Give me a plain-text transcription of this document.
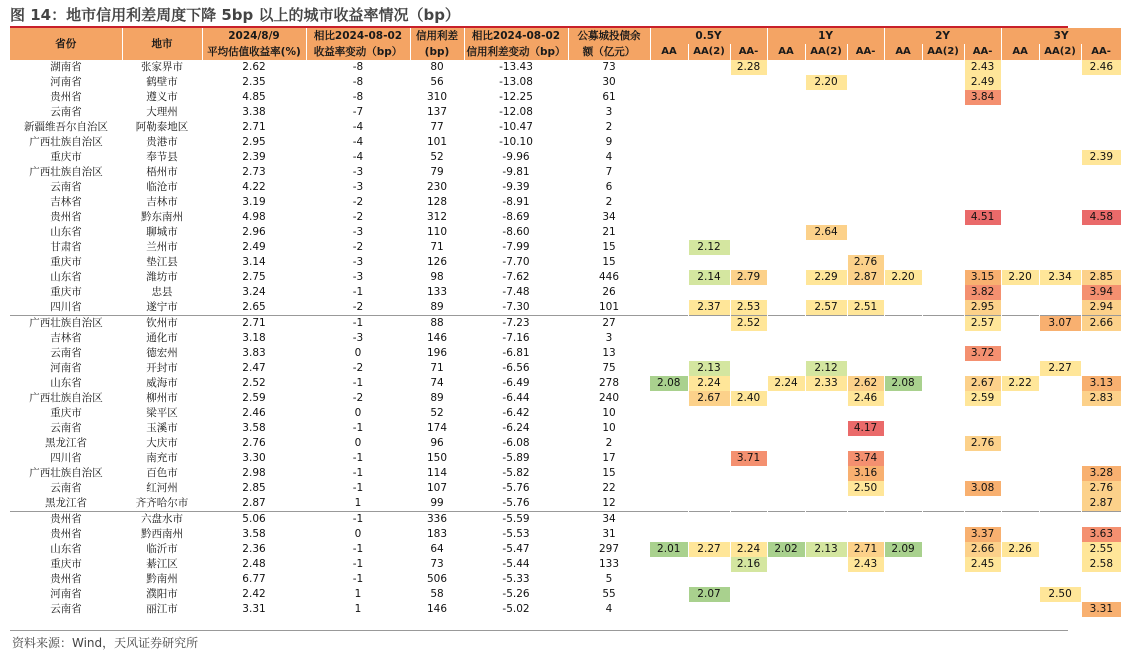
图 14：地市信用利差周度下降 5bp 以上的城市收益率情况（bp）
省份	地市	2024/8/9	相比2024-08-02	信用利差	相比2024-08-02	公募城投债余	0.5Y			1Y			2Y			3Y		
		平均估值收益率(%)	收益率变动（bp）	(bp)	信用利差变动（bp）	额（亿元）	AA	AA(2)	AA-	AA	AA(2)	AA-	AA	AA(2)	AA-	AA	AA(2)	AA-
湖南省	张家界市	2.62	-8	80	-13.43	73			2.28						2.43			2.46
河南省	鹤壁市	2.35	-8	56	-13.08	30					2.20				2.49			
贵州省	遵义市	4.85	-8	310	-12.25	61									3.84			
云南省	大理州	3.38	-7	137	-12.08	3												
新疆维吾尔自治区	阿勒泰地区	2.71	-4	77	-10.47	2												
广西壮族自治区	贵港市	2.95	-4	101	-10.10	9												
重庆市	奉节县	2.39	-4	52	-9.96	4												2.39
广西壮族自治区	梧州市	2.73	-3	79	-9.81	7												
云南省	临沧市	4.22	-3	230	-9.39	6												
吉林省	吉林市	3.19	-2	128	-8.91	2												
贵州省	黔东南州	4.98	-2	312	-8.69	34									4.51			4.58
山东省	聊城市	2.96	-3	110	-8.60	21					2.64							
甘肃省	兰州市	2.49	-2	71	-7.99	15		2.12										
重庆市	垫江县	3.14	-3	126	-7.70	15						2.76						
山东省	潍坊市	2.75	-3	98	-7.62	446		2.14	2.79		2.29	2.87	2.20		3.15	2.20	2.34	2.85
重庆市	忠县	3.24	-1	133	-7.48	26									3.82			3.94
四川省	遂宁市	2.65	-2	89	-7.30	101		2.37	2.53		2.57	2.51			2.95			2.94
广西壮族自治区	钦州市	2.71	-1	88	-7.23	27			2.52						2.57		3.07	2.66
吉林省	通化市	3.18	-3	146	-7.16	3												
云南省	德宏州	3.83	0	196	-6.81	13									3.72			
河南省	开封市	2.47	-2	71	-6.56	75		2.13			2.12						2.27	
山东省	威海市	2.52	-1	74	-6.49	278	2.08	2.24		2.24	2.33	2.62	2.08		2.67	2.22		3.13
广西壮族自治区	柳州市	2.59	-2	89	-6.44	240		2.67	2.40			2.46			2.59			2.83
重庆市	梁平区	2.46	0	52	-6.42	10												
云南省	玉溪市	3.58	-1	174	-6.24	10						4.17						
黑龙江省	大庆市	2.76	0	96	-6.08	2									2.76			
四川省	南充市	3.30	-1	150	-5.89	17			3.71			3.74						
广西壮族自治区	百色市	2.98	-1	114	-5.82	15						3.16						3.28
云南省	红河州	2.85	-1	107	-5.76	22						2.50			3.08			2.76
黑龙江省	齐齐哈尔市	2.87	1	99	-5.76	12												2.87
贵州省	六盘水市	5.06	-1	336	-5.59	34												
贵州省	黔西南州	3.58	0	183	-5.53	31									3.37			3.63
山东省	临沂市	2.36	-1	64	-5.47	297	2.01	2.27	2.24	2.02	2.13	2.71	2.09		2.66	2.26		2.55
重庆市	綦江区	2.48	-1	73	-5.44	133			2.16			2.43			2.45			2.58
贵州省	黔南州	6.77	-1	506	-5.33	5												
河南省	濮阳市	2.42	1	58	-5.26	55		2.07									2.50	
云南省	丽江市	3.31	1	146	-5.02	4												3.31
资料来源：Wind，天风证券研究所
